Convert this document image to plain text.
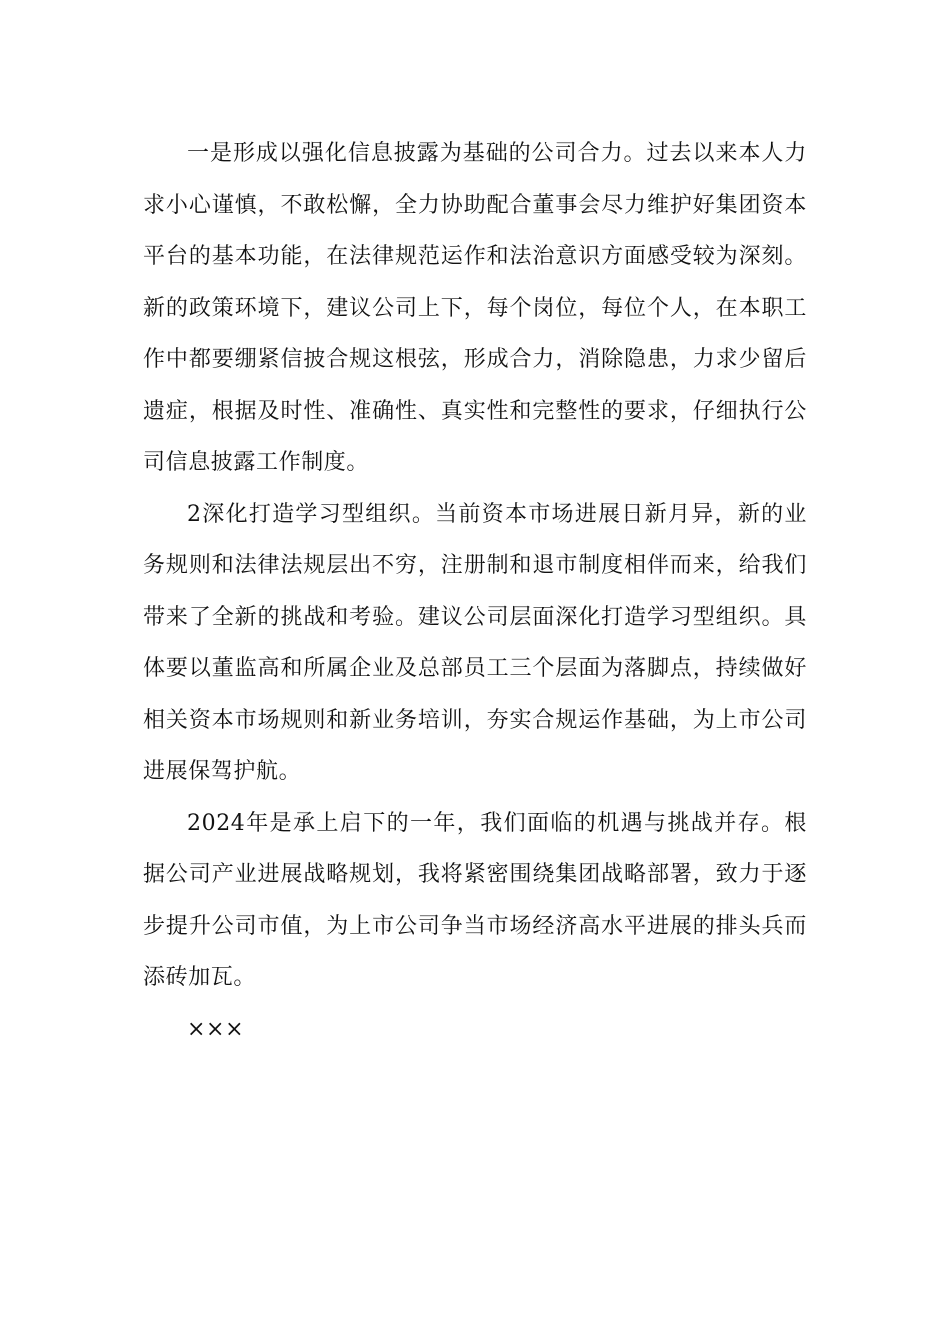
一是形成以强化信息披露为基础的公司合力。过去以来本人力求小心谨慎，不敢松懈，全力协助配合董事会尽力维护好集团资本平台的基本功能，在法律规范运作和法治意识方面感受较为深刻。新的政策环境下，建议公司上下，每个岗位，每位个人，在本职工作中都要绷紧信披合规这根弦，形成合力，消除隐患，力求少留后遗症，根据及时性、准确性、真实性和完整性的要求，仔细执行公司信息披露工作制度。

2深化打造学习型组织。当前资本市场进展日新月异，新的业务规则和法律法规层出不穷，注册制和退市制度相伴而来，给我们带来了全新的挑战和考验。建议公司层面深化打造学习型组织。具体要以董监高和所属企业及总部员工三个层面为落脚点，持续做好相关资本市场规则和新业务培训，夯实合规运作基础，为上市公司进展保驾护航。

2024年是承上启下的一年，我们面临的机遇与挑战并存。根据公司产业进展战略规划，我将紧密围绕集团战略部署，致力于逐步提升公司市值，为上市公司争当市场经济高水平进展的排头兵而添砖加瓦。

×××
